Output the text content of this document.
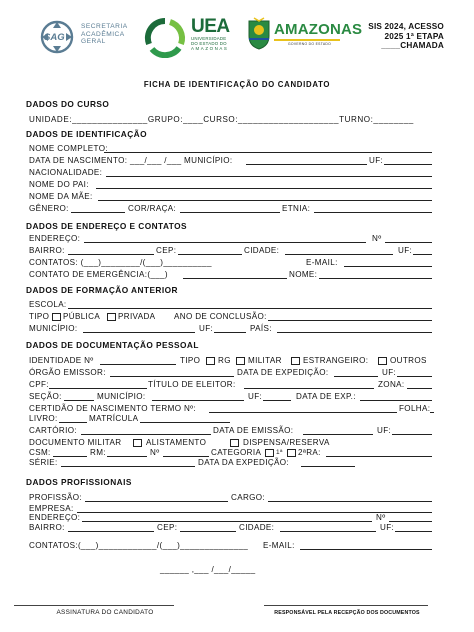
SAG
SECRETARIA
ACADÊMICA
GERAL
UEA
UNIVERSIDADE
DO ESTADO DO
AMAZONAS
AMAZONAS
GOVERNO DO ESTADO
SIS 2024, ACESSO
2025 1ª ETAPA
____CHAMADA
FICHA DE IDENTIFICAÇÃO DO CANDIDATO
DADOS DO CURSO
UNIDADE:_______________GRUPO:____CURSO:____________________TURNO:________
DADOS DE IDENTIFICAÇÃO
NOME COMPLETO:
DATA DE NASCIMENTO: ___/___ /___ MUNICÍPIO:	UF:
NACIONALIDADE:
NOME DO PAI:
NOME DA MÃE:
GÊNERO:	COR/RAÇA:	ETNIA:
DADOS DE ENDEREÇO E CONTATOS
ENDEREÇO:	Nº
BAIRRO:	CEP:	CIDADE:	UF:
CONTATOS: (___)________/(___)__________	E-MAIL:
CONTATO DE EMERGÊNCIA:(___)	NOME:
DADOS DE FORMAÇÃO ANTERIOR
ESCOLA:
TIPO PÚBLICA PRIVADA ANO DE CONCLUSÃO:
MUNICÍPIO:	UF:	PAÍS:
DADOS DE DOCUMENTAÇÃO PESSOAL
IDENTIDADE Nº	TIPO RG MILITAR	ESTRANGEIRO:	OUTROS
ÓRGÃO EMISSOR:	DATA DE EXPEDIÇÃO:	UF:
CPF:	TÍTULO DE ELEITOR:	ZONA:
SEÇÃO:	MUNICÍPIO:	UF:	DATA DE EXP.:
CERTIDÃO DE NASCIMENTO TERMO Nº:	FOLHA:
LIVRO:	MATRÍCULA
CARTÓRIO:	DATA DE EMISSÃO:	UF:
DOCUMENTO MILITAR	ALISTAMENTO	DISPENSA/RESERVA
CSM:	RM:	Nº	CATEGORIA 1ª 2ªRA:
SÉRIE:	DATA DA EXPEDIÇÃO:
DADOS PROFISSIONAIS
PROFISSÃO:	CARGO:
EMPRESA:
ENDEREÇO:	Nº
BAIRRO:	CEP:	CIDADE:	UF:
CONTATOS:(___)____________/(___)______________ E-MAIL:
______ ,___ /___/_____
ASSINATURA DO CANDIDATO	RESPONSÁVEL PELA RECEPÇÃO DOS DOCUMENTOS
